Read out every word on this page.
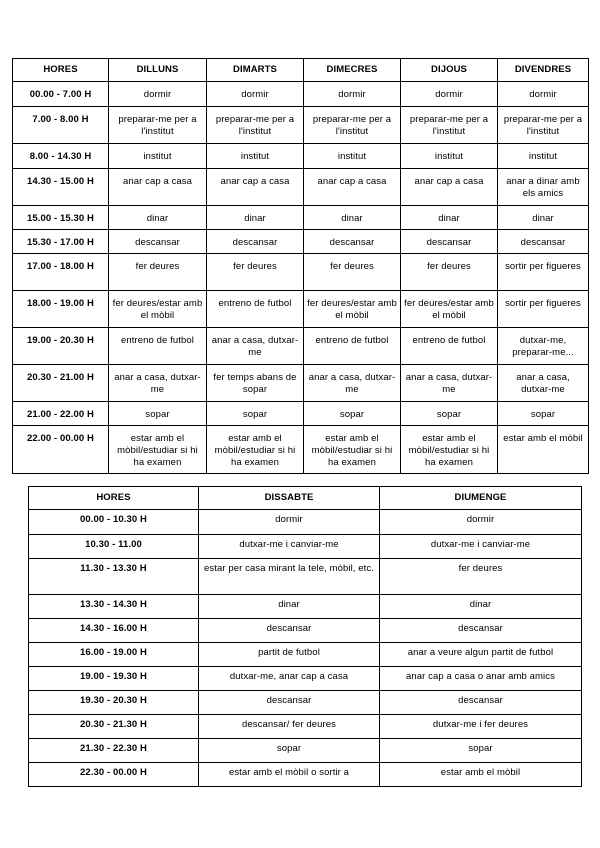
HORES	DILLUNS	DIMARTS	DIMECRES	DIJOUS	DIVENDRES
00.00 - 7.00 H	dormir	dormir	dormir	dormir	dormir
7.00 - 8.00 H	preparar-me per a l'institut	preparar-me per a l'institut	preparar-me per a l'institut	preparar-me per a l'institut	preparar-me per a l'institut
8.00 - 14.30 H	institut	institut	institut	institut	institut
14.30 - 15.00 H	anar cap a casa	anar cap a casa	anar cap a casa	anar cap a casa	anar a dinar amb els amics
15.00 - 15.30 H	dinar	dinar	dinar	dinar	dinar
15.30 - 17.00 H	descansar	descansar	descansar	descansar	descansar
17.00 - 18.00 H	fer deures	fer deures	fer deures	fer deures	sortir per figueres
18.00 - 19.00 H	fer deures/estar amb el mòbil	entreno de futbol	fer deures/estar amb el mòbil	fer deures/estar amb el mòbil	sortir per figueres
19.00 - 20.30 H	entreno de futbol	anar a casa, dutxar-me	entreno de futbol	entreno de futbol	dutxar-me, preparar-me...
20.30 - 21.00 H	anar a casa, dutxar-me	fer temps abans de sopar	anar a casa, dutxar-me	anar a casa, dutxar-me	anar a casa, dutxar-me
21.00 - 22.00 H	sopar	sopar	sopar	sopar	sopar
22.00 - 00.00 H	estar amb el mòbil/estudiar si hi ha examen	estar amb el mòbil/estudiar si hi ha examen	estar amb el mòbil/estudiar si hi ha examen	estar amb el mòbil/estudiar si hi ha examen	estar amb el mòbil
HORES	DISSABTE	DIUMENGE
00.00 - 10.30 H	dormir	dormir
10.30 - 11.00	dutxar-me i canviar-me	dutxar-me i canviar-me
11.30 - 13.30 H	estar per casa mirant la tele, mòbil, etc.	fer deures
13.30 - 14.30 H	dinar	dinar
14.30 - 16.00 H	descansar	descansar
16.00 - 19.00 H	partit de futbol	anar a veure algun partit de futbol
19.00 - 19.30 H	dutxar-me, anar cap a casa	anar cap a casa o anar amb amics
19.30 - 20.30 H	descansar	descansar
20.30 - 21.30 H	descansar/ fer deures	dutxar-me i fer deures
21.30 - 22.30 H	sopar	sopar
22.30 - 00.00 H	estar amb el mòbil o sortir a	estar amb el mòbil
